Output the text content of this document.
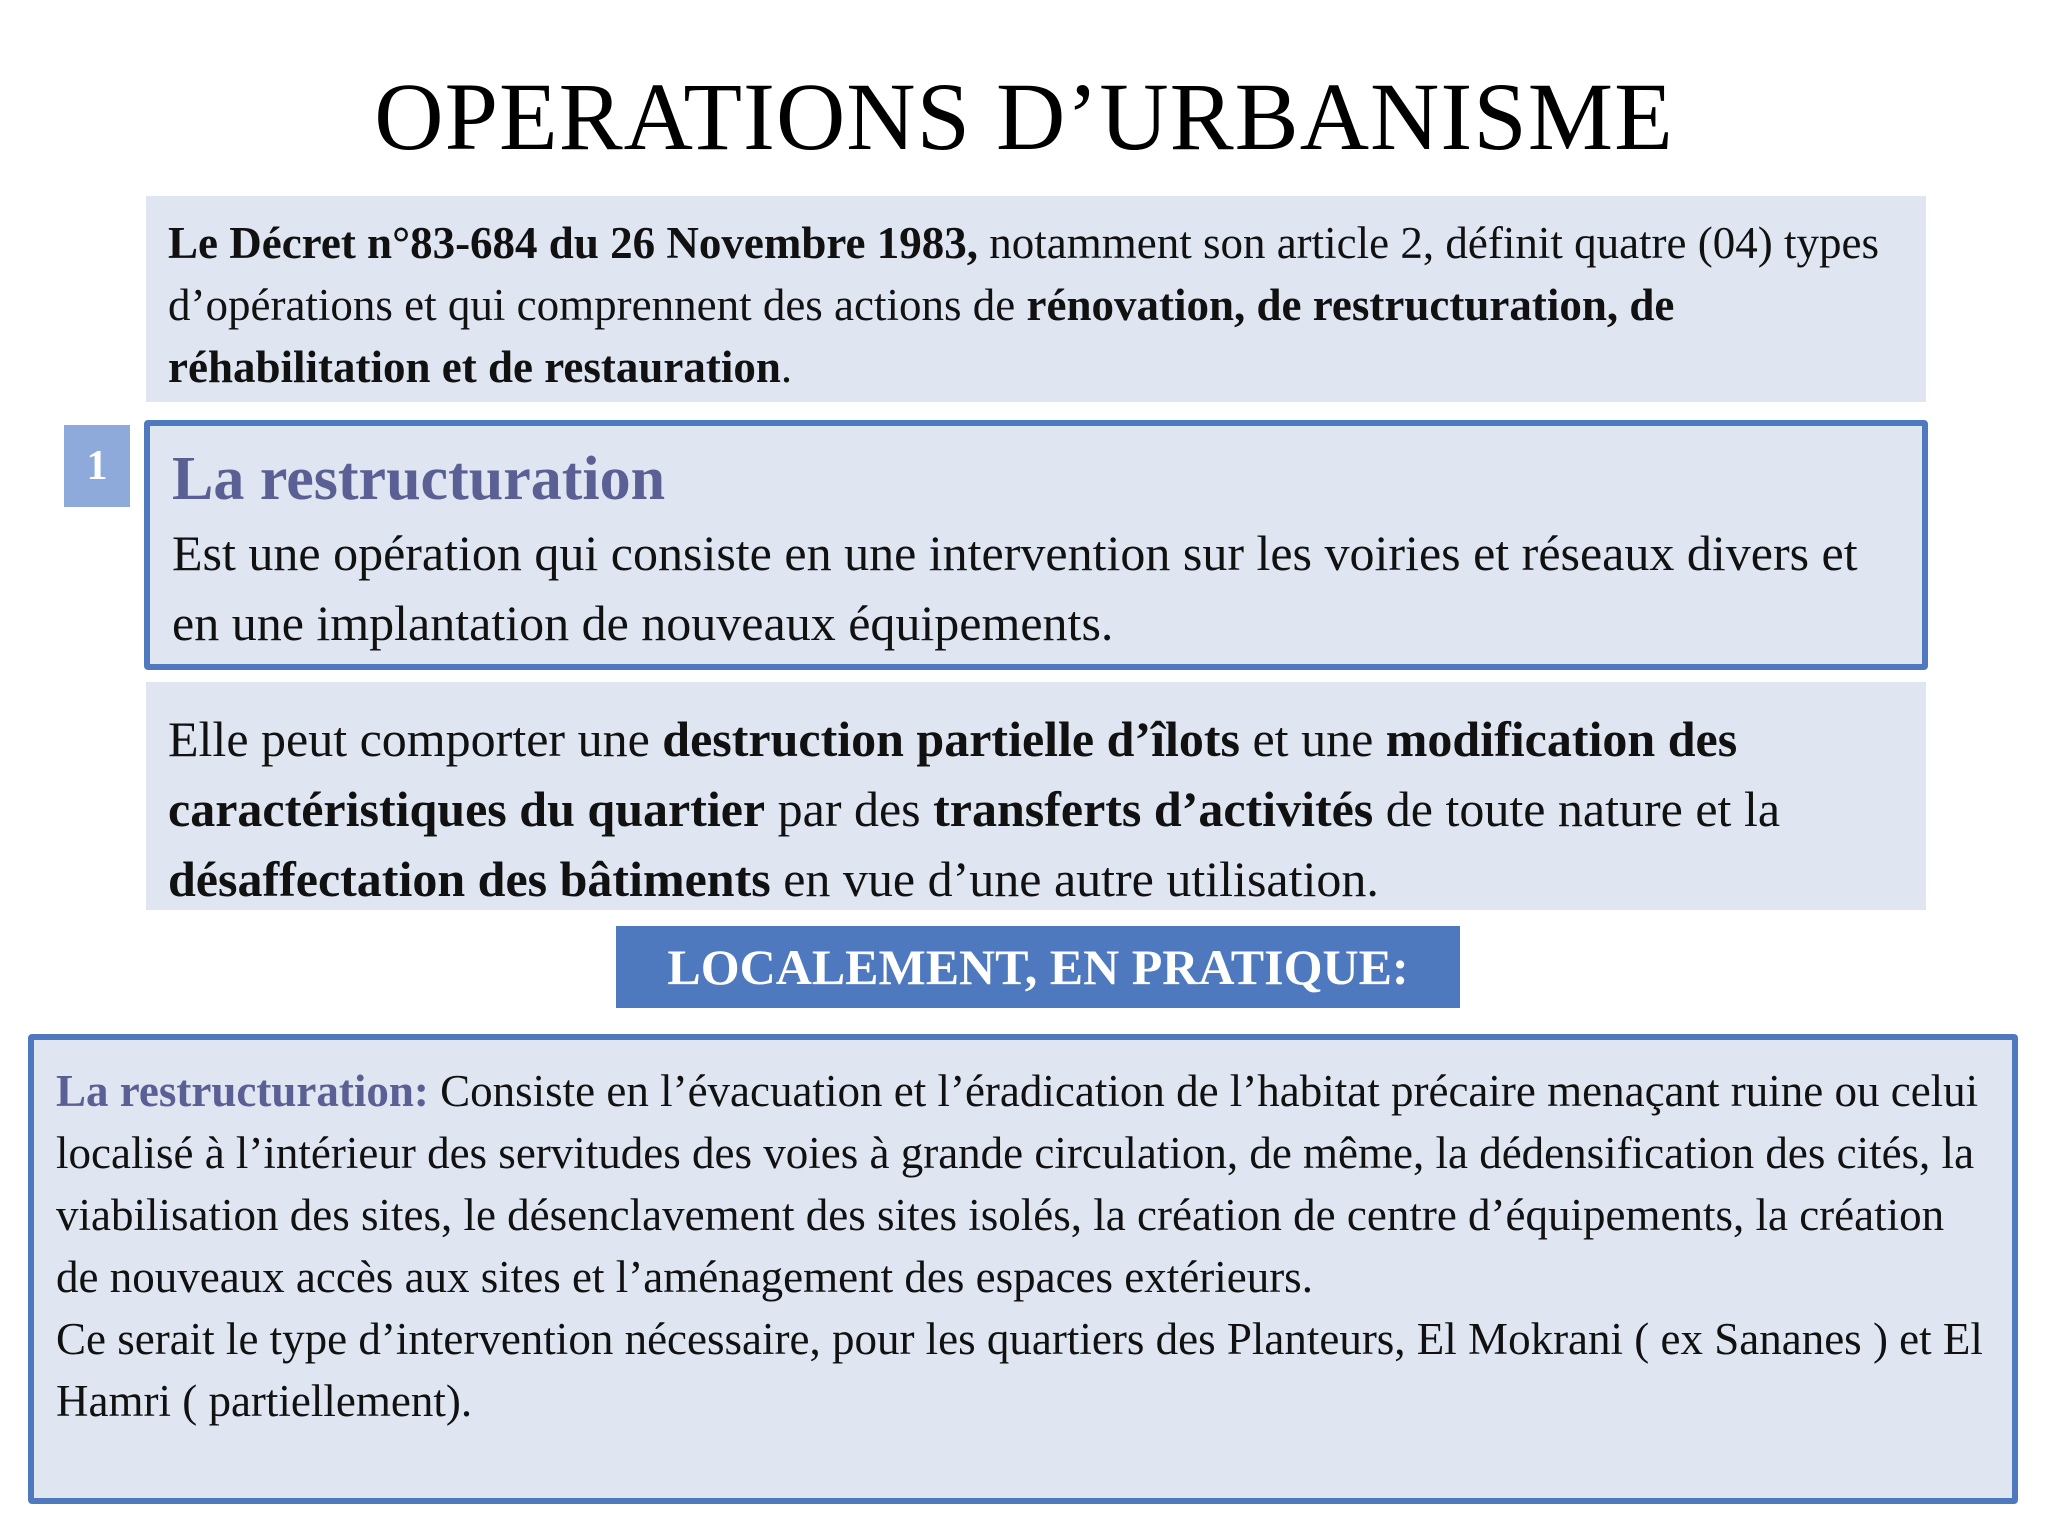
OPERATIONS D’URBANISME
Le Décret n°83-684 du 26 Novembre 1983, notamment son article 2, définit quatre (04) types d’opérations et qui comprennent des actions de rénovation, de restructuration, de réhabilitation et de restauration.
1	La restructuration
Est une opération qui consiste en une intervention sur les voiries et réseaux divers et en une implantation de nouveaux équipements.
Elle peut comporter une destruction partielle d’îlots et une modification des caractéristiques du quartier par des transferts d’activités de toute nature et la désaffectation des bâtiments en vue d’une autre utilisation.
LOCALEMENT, EN PRATIQUE:
La restructuration: Consiste en l’évacuation et l’éradication de l’habitat précaire menaçant ruine ou celui localisé à l’intérieur des servitudes des voies à grande circulation, de même, la dédensification des cités, la viabilisation des sites, le désenclavement des sites isolés, la création de centre d’équipements, la création de nouveaux accès aux sites et l’aménagement des espaces extérieurs.
Ce serait le type d’intervention nécessaire, pour les quartiers des Planteurs, El Mokrani ( ex Sananes ) et El Hamri ( partiellement).
